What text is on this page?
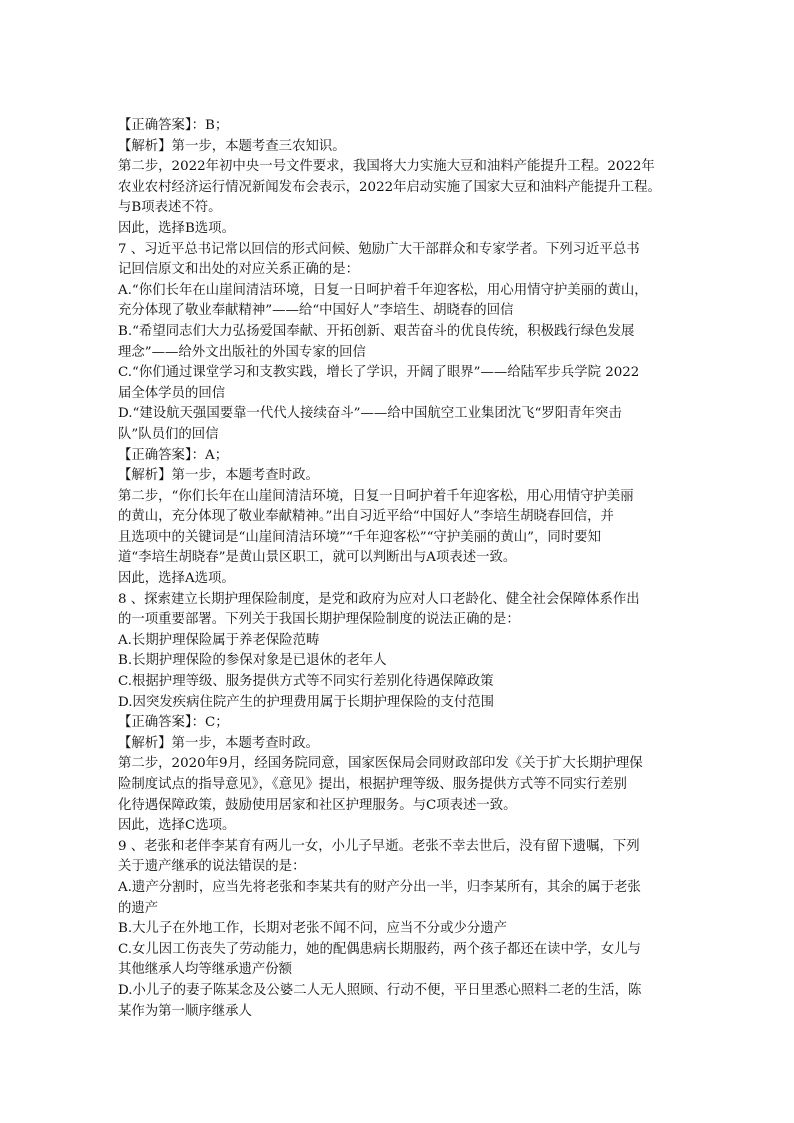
【正确答案】：B；
【解析】第一步，本题考查三农知识。
第二步，2022年初中央一号文件要求，我国将大力实施大豆和油料产能提升工程。2022年
农业农村经济运行情况新闻发布会表示，2022年启动实施了国家大豆和油料产能提升工程。
与B项表述不符。
因此，选择B选项。
7 、习近平总书记常以回信的形式问候、勉励广大干部群众和专家学者。下列习近平总书
记回信原文和出处的对应关系正确的是：
A.“你们长年在山崖间清洁环境，日复一日呵护着千年迎客松，用心用情守护美丽的黄山，
充分体现了敬业奉献精神”——给“中国好人”李培生、胡晓春的回信
B.“希望同志们大力弘扬爱国奉献、开拓创新、艰苦奋斗的优良传统，积极践行绿色发展
理念”——给外文出版社的外国专家的回信
C.“你们通过课堂学习和支教实践，增长了学识，开阔了眼界”——给陆军步兵学院 2022
届全体学员的回信
D.“建设航天强国要靠一代代人接续奋斗”——给中国航空工业集团沈飞“罗阳青年突击
队”队员们的回信
【正确答案】：A；
【解析】第一步，本题考查时政。
第二步，“你们长年在山崖间清洁环境，日复一日呵护着千年迎客松，用心用情守护美丽
的黄山，充分体现了敬业奉献精神。”出自习近平给“中国好人”李培生胡晓春回信，并
且选项中的关键词是“山崖间清洁环境”“千年迎客松”“守护美丽的黄山”，同时要知
道“李培生胡晓春”是黄山景区职工，就可以判断出与A项表述一致。
因此，选择A选项。
8 、探索建立长期护理保险制度，是党和政府为应对人口老龄化、健全社会保障体系作出
的一项重要部署。下列关于我国长期护理保险制度的说法正确的是：
A.长期护理保险属于养老保险范畴
B.长期护理保险的参保对象是已退休的老年人
C.根据护理等级、服务提供方式等不同实行差别化待遇保障政策
D.因突发疾病住院产生的护理费用属于长期护理保险的支付范围
【正确答案】：C；
【解析】第一步，本题考查时政。
第二步，2020年9月，经国务院同意，国家医保局会同财政部印发《关于扩大长期护理保
险制度试点的指导意见》，《意见》提出，根据护理等级、服务提供方式等不同实行差别
化待遇保障政策，鼓励使用居家和社区护理服务。与C项表述一致。
因此，选择C选项。
9 、老张和老伴李某育有两儿一女，小儿子早逝。老张不幸去世后，没有留下遗嘱，下列
关于遗产继承的说法错误的是：
A.遗产分割时，应当先将老张和李某共有的财产分出一半，归李某所有，其余的属于老张
的遗产
B.大儿子在外地工作，长期对老张不闻不问，应当不分或少分遗产
C.女儿因工伤丧失了劳动能力，她的配偶患病长期服药，两个孩子都还在读中学，女儿与
其他继承人均等继承遗产份额
D.小儿子的妻子陈某念及公婆二人无人照顾、行动不便，平日里悉心照料二老的生活，陈
某作为第一顺序继承人
